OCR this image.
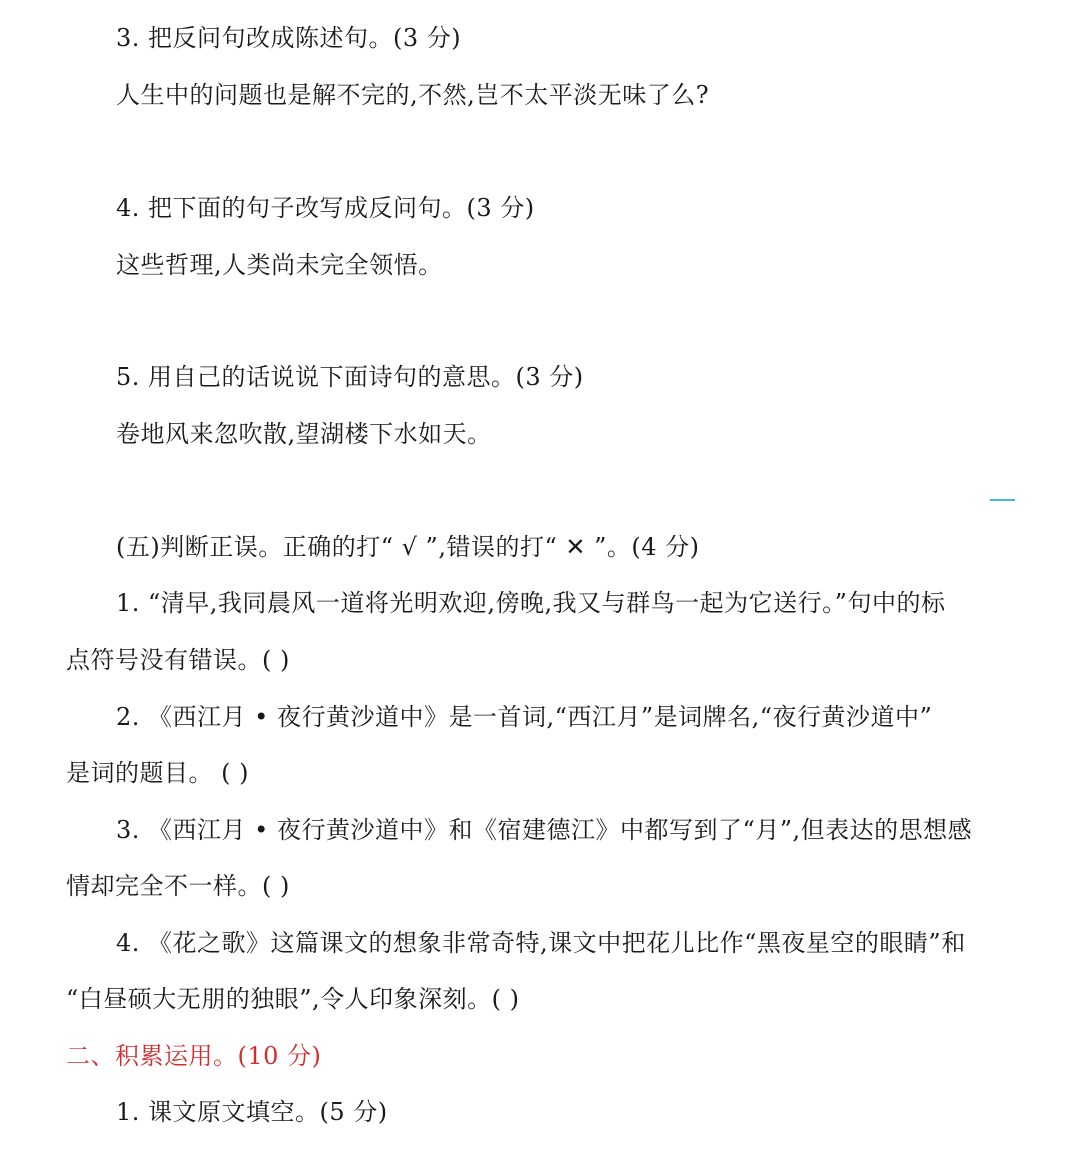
3. 把反问句改成陈述句。(3 分)
人生中的问题也是解不完的,不然,岂不太平淡无味了么?
4. 把下面的句子改写成反问句。(3 分)
这些哲理,人类尚未完全领悟。
5. 用自己的话说说下面诗句的意思。(3 分)
卷地风来忽吹散,望湖楼下水如天。
(五)判断正误。正确的打“ √ ”,错误的打“ ✕ ”。(4 分)
1. “清早,我同晨风一道将光明欢迎,傍晚,我又与群鸟一起为它送行。”句中的标
点符号没有错误。( )
2. 《西江月 • 夜行黄沙道中》是一首词,“西江月”是词牌名,“夜行黄沙道中”
是词的题目。 ( )
3. 《西江月 • 夜行黄沙道中》和《宿建德江》中都写到了“月”,但表达的思想感
情却完全不一样。( )
4. 《花之歌》这篇课文的想象非常奇特,课文中把花儿比作“黑夜星空的眼睛”和
“白昼硕大无朋的独眼”,令人印象深刻。( )
二、积累运用。(10 分)
1. 课文原文填空。(5 分)
